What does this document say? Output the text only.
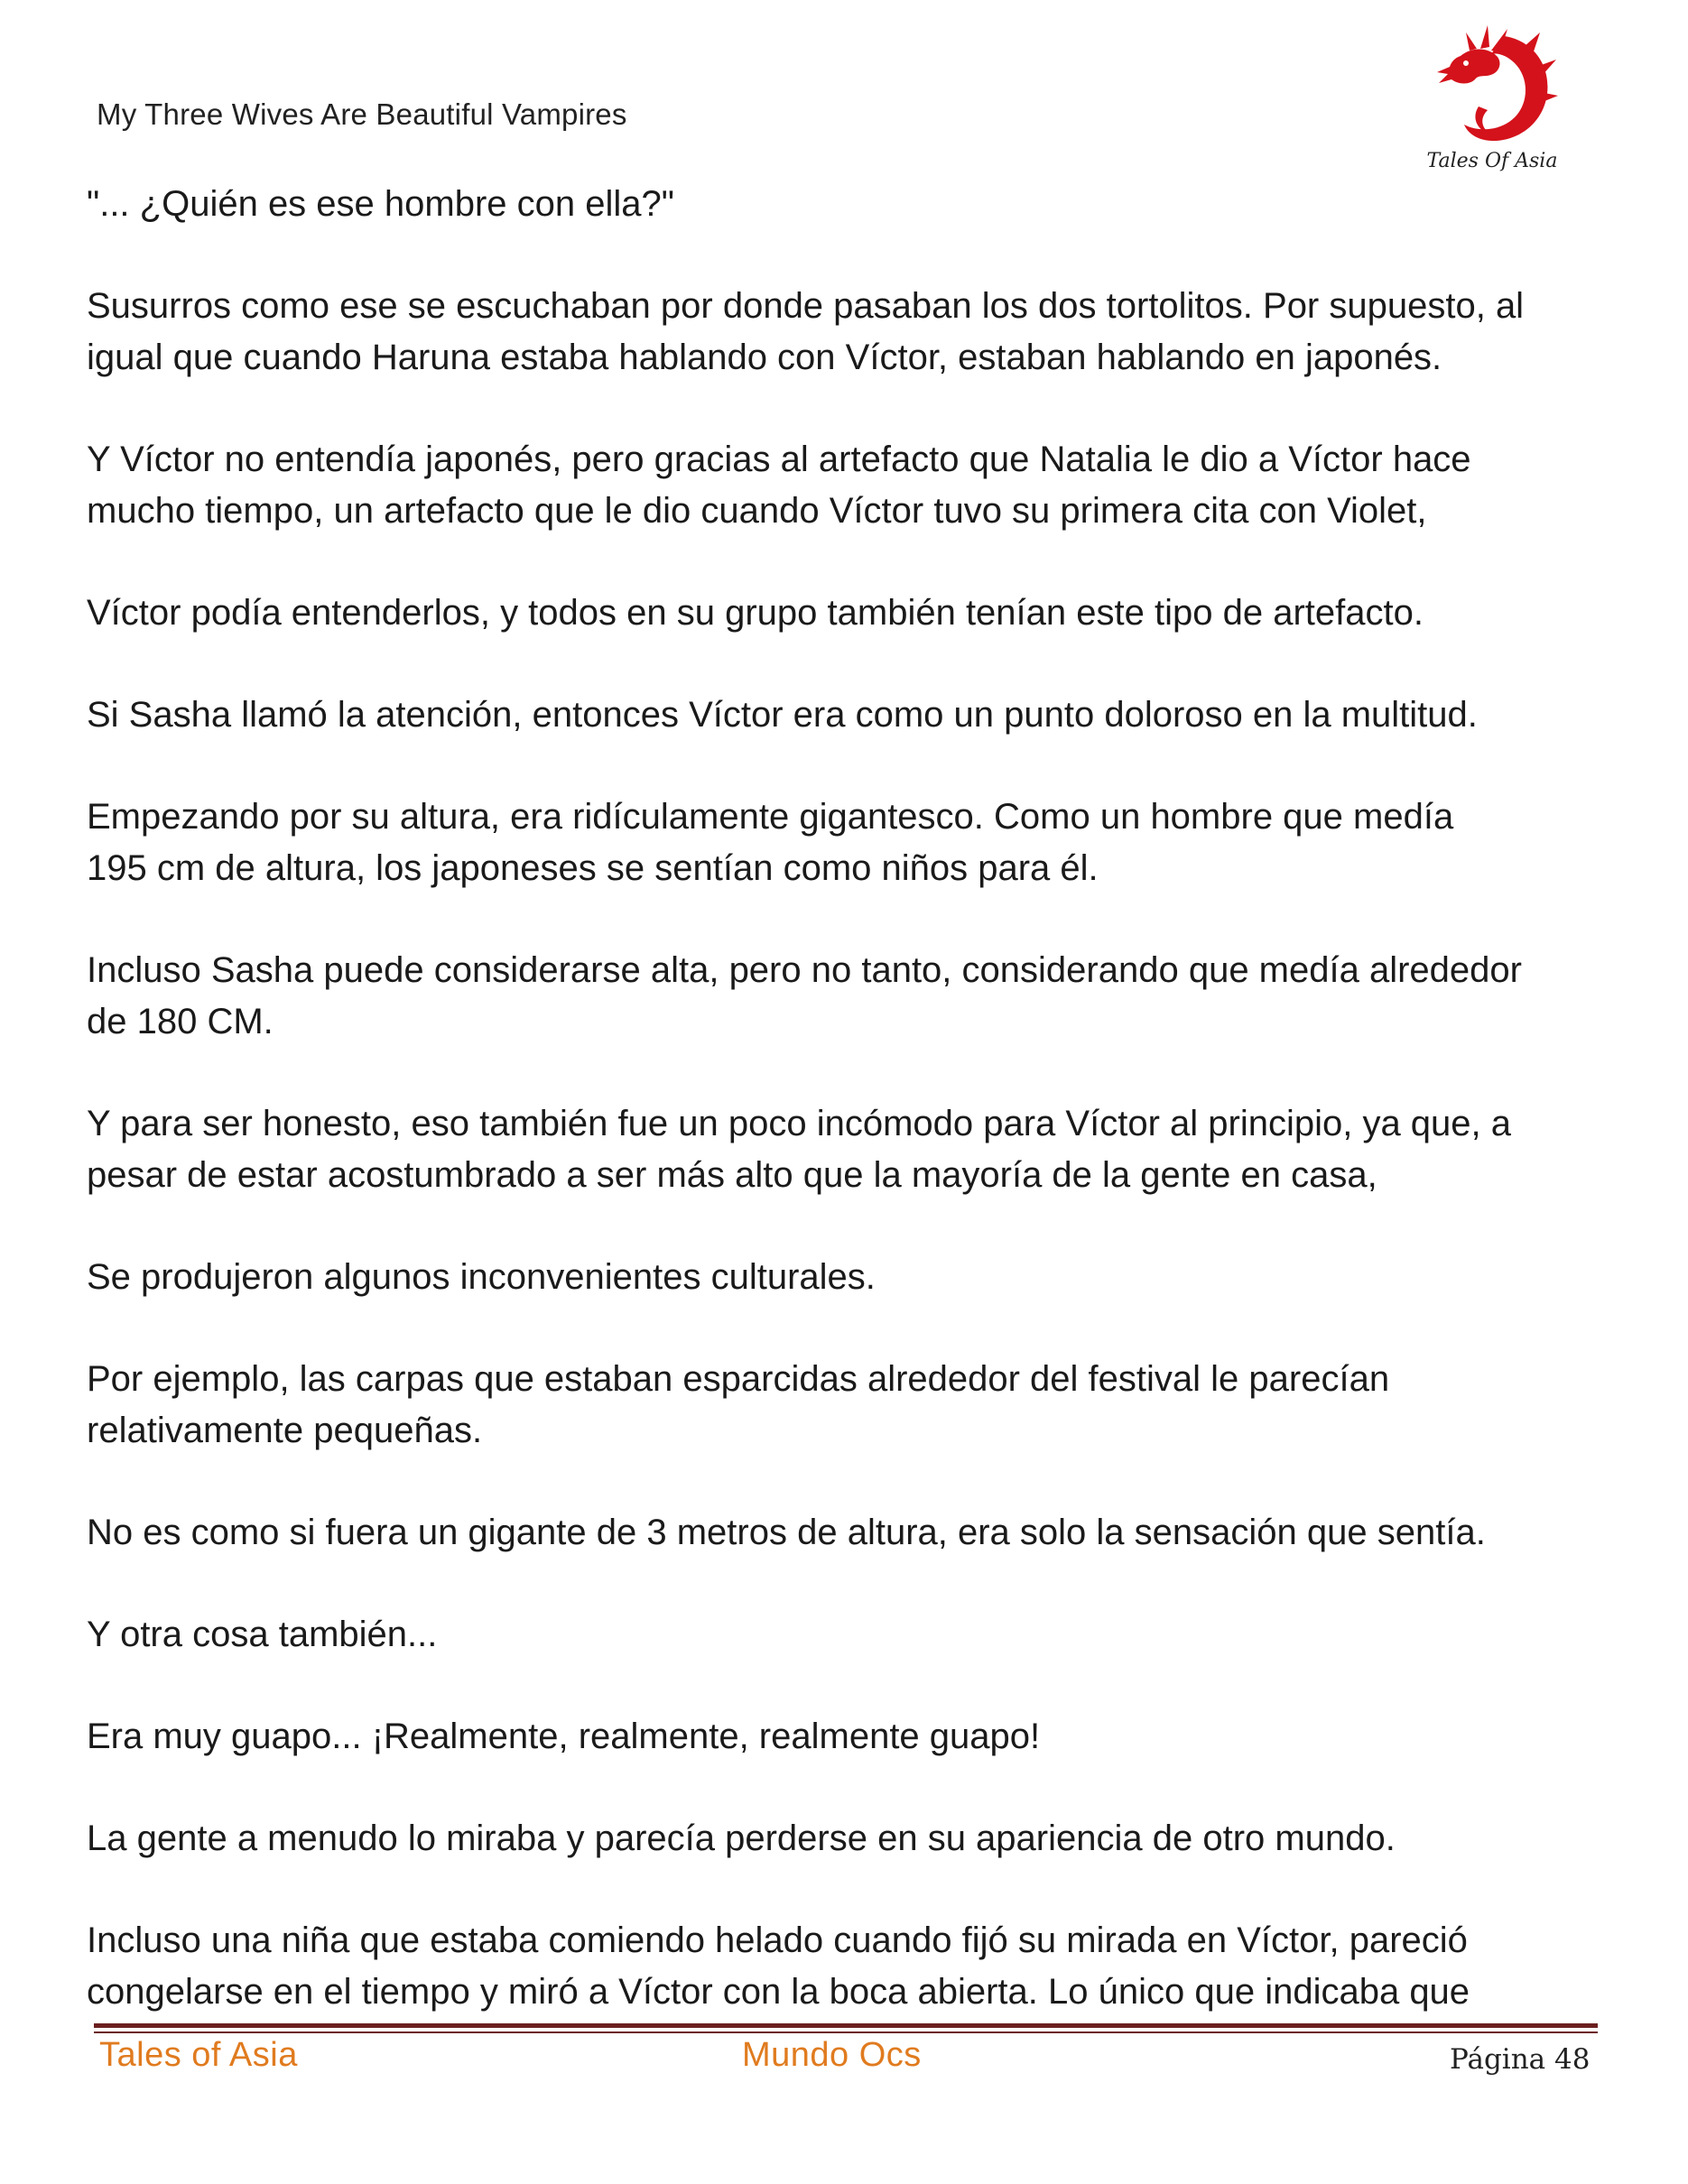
My Three Wives Are Beautiful Vampires
Tales Of Asia

"... ¿Quién es ese hombre con ella?"

Susurros como ese se escuchaban por donde pasaban los dos tortolitos. Por supuesto, al
igual que cuando Haruna estaba hablando con Víctor, estaban hablando en japonés.

Y Víctor no entendía japonés, pero gracias al artefacto que Natalia le dio a Víctor hace
mucho tiempo, un artefacto que le dio cuando Víctor tuvo su primera cita con Violet,

Víctor podía entenderlos, y todos en su grupo también tenían este tipo de artefacto.

Si Sasha llamó la atención, entonces Víctor era como un punto doloroso en la multitud.

Empezando por su altura, era ridículamente gigantesco. Como un hombre que medía
195 cm de altura, los japoneses se sentían como niños para él.

Incluso Sasha puede considerarse alta, pero no tanto, considerando que medía alrededor
de 180 CM.

Y para ser honesto, eso también fue un poco incómodo para Víctor al principio, ya que, a
pesar de estar acostumbrado a ser más alto que la mayoría de la gente en casa,

Se produjeron algunos inconvenientes culturales.

Por ejemplo, las carpas que estaban esparcidas alrededor del festival le parecían
relativamente pequeñas.

No es como si fuera un gigante de 3 metros de altura, era solo la sensación que sentía.

Y otra cosa también...

Era muy guapo... ¡Realmente, realmente, realmente guapo!

La gente a menudo lo miraba y parecía perderse en su apariencia de otro mundo.

Incluso una niña que estaba comiendo helado cuando fijó su mirada en Víctor, pareció
congelarse en el tiempo y miró a Víctor con la boca abierta. Lo único que indicaba que

Tales of Asia	Mundo Ocs	Página 48
